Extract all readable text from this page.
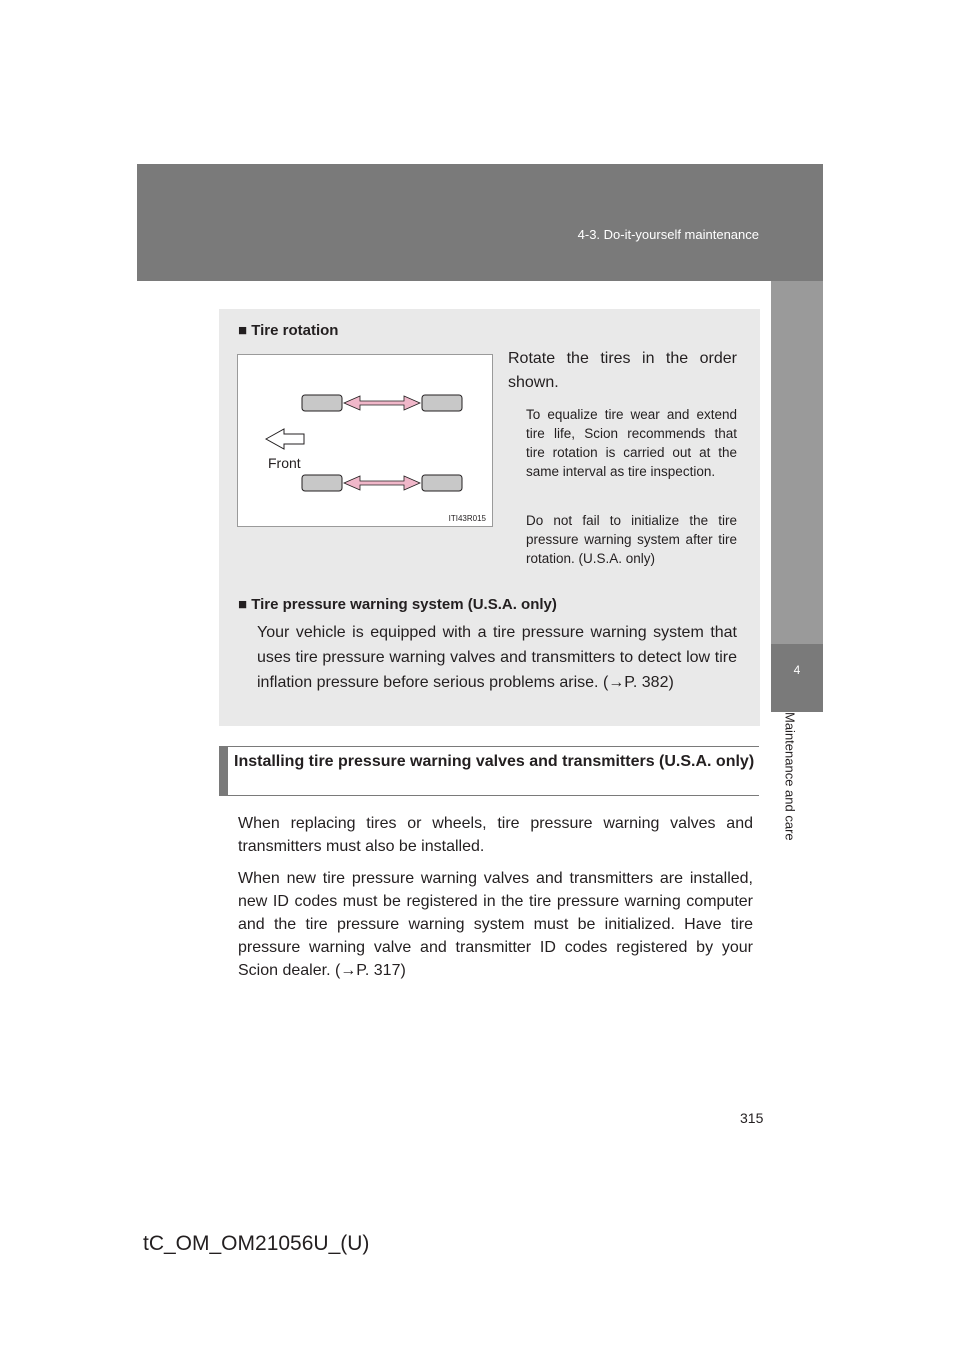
4-3. Do-it-yourself maintenance
4
Maintenance and care
■ Tire rotation
Front
ITI43R015
Rotate the tires in the order shown.
To equalize tire wear and extend tire life, Scion recommends that tire rotation is carried out at the same interval as tire inspection.
Do not fail to initialize the tire pressure warning system after tire rotation. (U.S.A. only)
■ Tire pressure warning system (U.S.A. only)
Your vehicle is equipped with a tire pressure warning system that uses tire pressure warning valves and transmitters to detect low tire inflation pressure before serious problems arise. (→P. 382)
Installing tire pressure warning valves and transmitters (U.S.A. only)
When replacing tires or wheels, tire pressure warning valves and transmitters must also be installed.
When new tire pressure warning valves and transmitters are installed, new ID codes must be registered in the tire pressure warning computer and the tire pressure warning system must be initialized. Have tire pressure warning valve and transmitter ID codes registered by your Scion dealer. (→P. 317)
315
tC_OM_OM21056U_(U)
